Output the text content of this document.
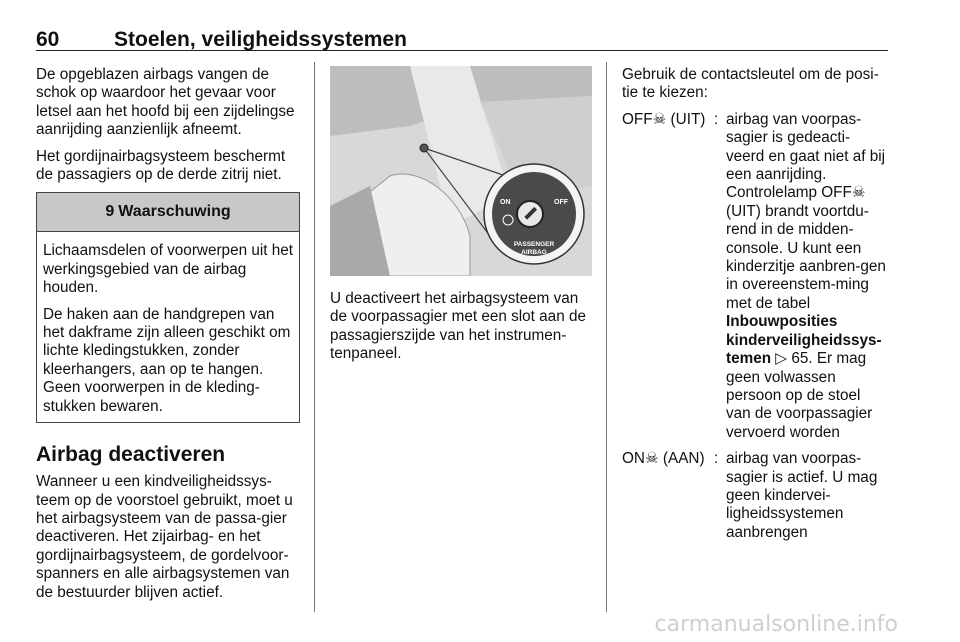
60	Stoelen, veiligheidssystemen

De opgeblazen airbags vangen de schok op waardoor het gevaar voor letsel aan het hoofd bij een zijdelingse aanrijding aanzienlijk afneemt.

Het gordijnairbagsysteem beschermt de passagiers op de derde zitrij niet.

9 Waarschuwing

Lichaamsdelen of voorwerpen uit het werkingsgebied van de airbag houden.

De haken aan de handgrepen van het dakframe zijn alleen geschikt om lichte kledingstukken, zonder kleerhangers, aan op te hangen. Geen voorwerpen in de kleding-stukken bewaren.

Airbag deactiveren

Wanneer u een kindveiligheidssys-teem op de voorstoel gebruikt, moet u het airbagsysteem van de passa-gier deactiveren. Het zijairbag- en het gordijnairbagsysteem, de gordelvoor-spanners en alle airbagsystemen van de bestuurder blijven actief.

ON	OFF
PASSENGER
AIRBAG

U deactiveert het airbagsysteem van de voorpassagier met een slot aan de passagierszijde van het instrumen-tenpaneel.

Gebruik de contactsleutel om de posi-tie te kiezen:

OFF☠ (UIT) : airbag van voorpas-sagier is gedeacti-veerd en gaat niet af bij een aanrijding. Controlelamp OFF☠ (UIT) brandt voortdu-rend in de midden-console. U kunt een kinderzitje aanbren-gen in overeenstem-ming met de tabel Inbouwposities kinderveiligheidssys-temen ▷ 65. Er mag geen volwassen persoon op de stoel van de voorpassagier vervoerd worden
ON☠ (AAN) : airbag van voorpas-sagier is actief. U mag geen kindervei-ligheidssystemen aanbrengen
carmanualsonline.info
